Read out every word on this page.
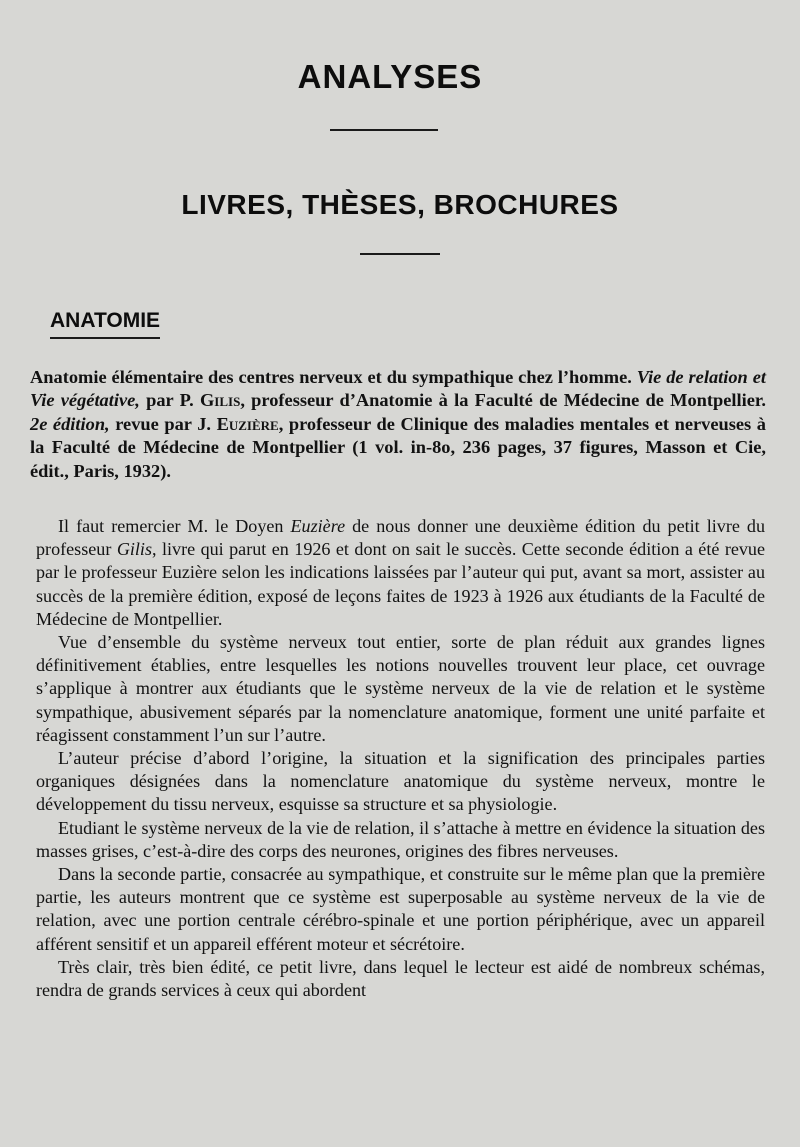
ANALYSES
LIVRES, THÈSES, BROCHURES
ANATOMIE
Anatomie élémentaire des centres nerveux et du sympathique chez l’homme. Vie de relation et Vie végétative, par P. Gilis, professeur d’Anatomie à la Faculté de Médecine de Montpellier. 2e édition, revue par J. Euzière, professeur de Clinique des maladies mentales et nerveuses à la Faculté de Médecine de Montpellier (1 vol. in-8o, 236 pages, 37 figures, Masson et Cie, édit., Paris, 1932).

Il faut remercier M. le Doyen Euzière de nous donner une deuxième édition du petit livre du professeur Gilis, livre qui parut en 1926 et dont on sait le succès. Cette seconde édition a été revue par le professeur Euzière selon les indications laissées par l’auteur qui put, avant sa mort, assister au succès de la première édition, exposé de leçons faites de 1923 à 1926 aux étudiants de la Faculté de Médecine de Montpellier.

Vue d’ensemble du système nerveux tout entier, sorte de plan réduit aux grandes lignes définitivement établies, entre lesquelles les notions nouvelles trouvent leur place, cet ouvrage s’applique à montrer aux étudiants que le système nerveux de la vie de relation et le système sympathique, abusivement séparés par la nomenclature anatomique, forment une unité parfaite et réagissent constamment l’un sur l’autre.

L’auteur précise d’abord l’origine, la situation et la signification des principales parties organiques désignées dans la nomenclature anatomique du système nerveux, montre le développement du tissu nerveux, esquisse sa structure et sa physiologie.

Etudiant le système nerveux de la vie de relation, il s’attache à mettre en évidence la situation des masses grises, c’est-à-dire des corps des neurones, origines des fibres nerveuses.

Dans la seconde partie, consacrée au sympathique, et construite sur le même plan que la première partie, les auteurs montrent que ce système est superposable au système nerveux de la vie de relation, avec une portion centrale cérébro-spinale et une portion périphérique, avec un appareil afférent sensitif et un appareil efférent moteur et sécrétoire.

Très clair, très bien édité, ce petit livre, dans lequel le lecteur est aidé de nombreux schémas, rendra de grands services à ceux qui abordent
